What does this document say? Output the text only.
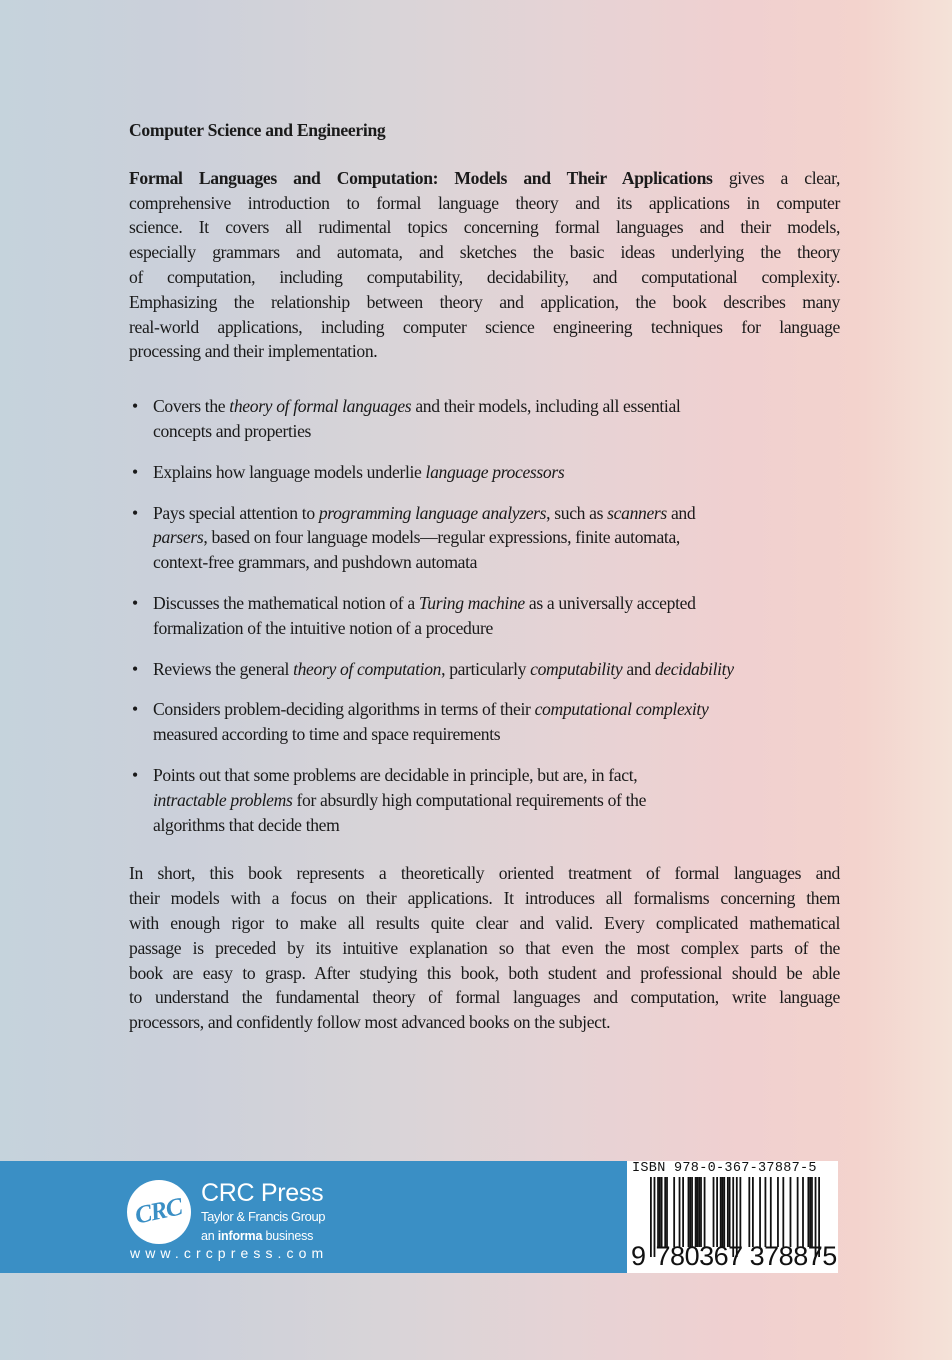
Computer Science and Engineering

Formal Languages and Computation: Models and Their Applications gives a clear,
comprehensive introduction to formal language theory and its applications in computer
science. It covers all rudimental topics concerning formal languages and their models,
especially grammars and automata, and sketches the basic ideas underlying the theory
of computation, including computability, decidability, and computational complexity.
Emphasizing the relationship between theory and application, the book describes many
real-world applications, including computer science engineering techniques for language
processing and their implementation.

• Covers the theory of formal languages and their models, including all essential
concepts and properties
• Explains how language models underlie language processors
• Pays special attention to programming language analyzers, such as scanners and
parsers, based on four language models—regular expressions, finite automata,
context-free grammars, and pushdown automata
• Discusses the mathematical notion of a Turing machine as a universally accepted
formalization of the intuitive notion of a procedure
• Reviews the general theory of computation, particularly computability and decidability
• Considers problem-deciding algorithms in terms of their computational complexity
measured according to time and space requirements
• Points out that some problems are decidable in principle, but are, in fact,
intractable problems for absurdly high computational requirements of the
algorithms that decide them

In short, this book represents a theoretically oriented treatment of formal languages and
their models with a focus on their applications. It introduces all formalisms concerning them
with enough rigor to make all results quite clear and valid. Every complicated mathematical
passage is preceded by its intuitive explanation so that even the most complex parts of the
book are easy to grasp. After studying this book, both student and professional should be able
to understand the fundamental theory of formal languages and computation, write language
processors, and confidently follow most advanced books on the subject.

CRC
CRC Press
Taylor & Francis Group
an informa business
www.crcpress.com
ISBN 978-0-367-37887-5
9 780367 378875
